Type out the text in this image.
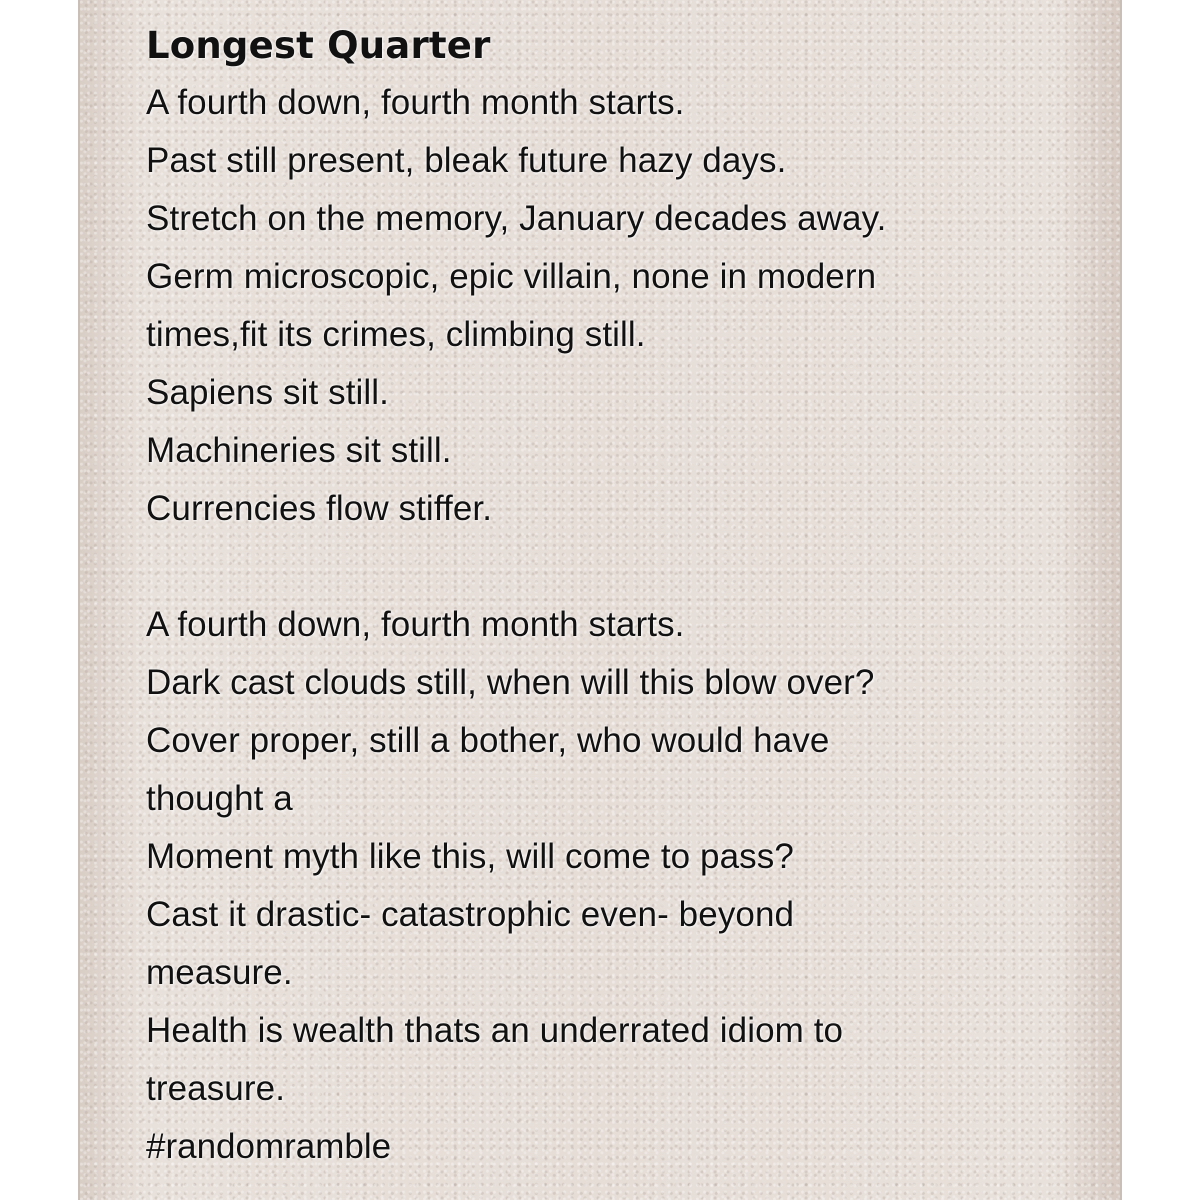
Longest Quarter

A fourth down, fourth month starts.

Past still present, bleak future hazy days.

Stretch on the memory, January decades away.

Germ microscopic, epic villain, none in modern

times,fit its crimes, climbing still.

Sapiens sit still.

Machineries sit still.

Currencies flow stiffer.

A fourth down, fourth month starts.

Dark cast clouds still, when will this blow over?

Cover proper, still a bother, who would have

thought a

Moment myth like this, will come to pass?

Cast it drastic- catastrophic even- beyond

measure.

Health is wealth thats an underrated idiom to

treasure.

#randomramble
